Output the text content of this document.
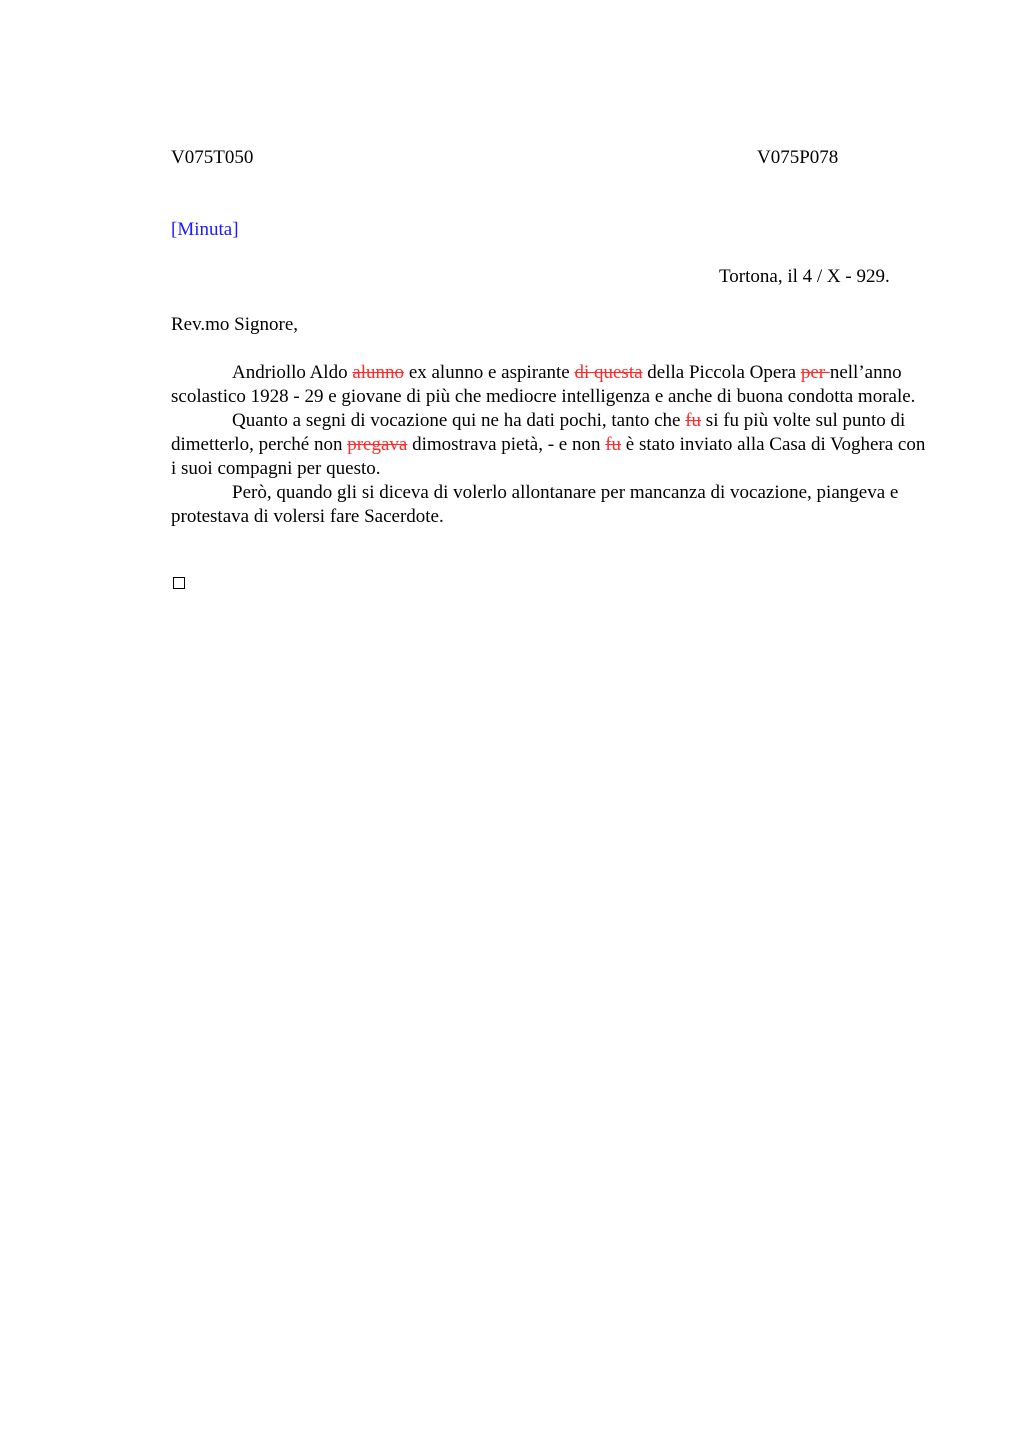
V075T050	V075P078
[Minuta]
Tortona, il 4 / X - 929.
Rev.mo Signore,

Andriollo Aldo alunno ex alunno e aspirante di questa della Piccola Opera per nell’anno scolastico 1928 - 29 e giovane di più che mediocre intelligenza e anche di buona condotta morale.

Quanto a segni di vocazione qui ne ha dati pochi, tanto che fu si fu più volte sul punto di dimetterlo, perché non pregava dimostrava pietà, - e non fu è stato inviato alla Casa di Voghera con i suoi compagni per questo.

Però, quando gli si diceva di volerlo allontanare per mancanza di vocazione, piangeva e protestava di volersi fare Sacerdote.
